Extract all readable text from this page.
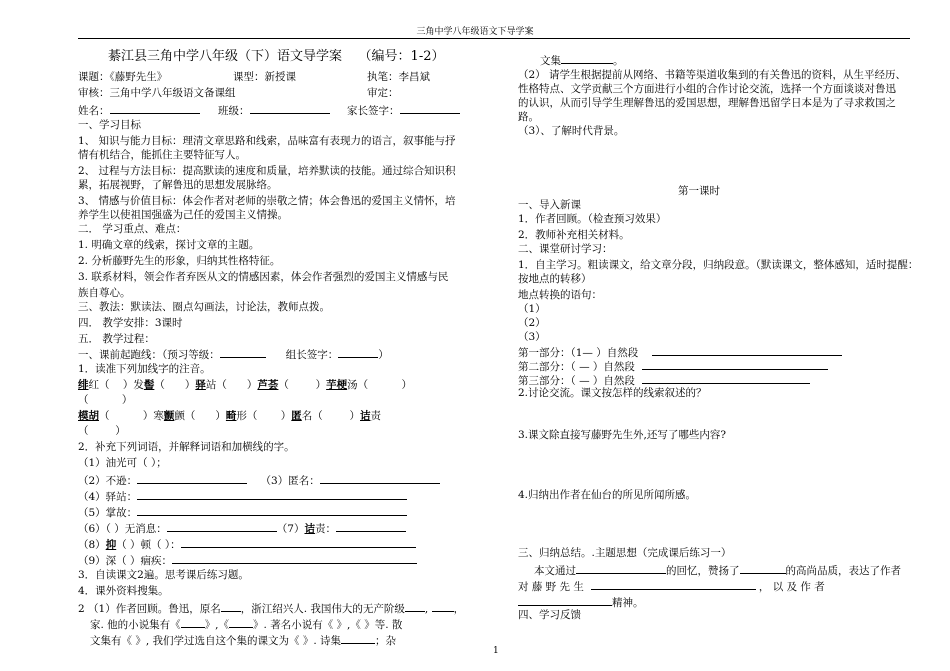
三角中学八年级语文下导学案
綦江县三角中学八年级（下）语文导学案 （编号：1-2）
课题：《藤野先生》	课型：新授课	执笔：李昌斌
审核：三角中学八年级语文备课组	审定：
姓名：	班级：	家长签字：
一、学习目标
1、 知识与能力目标：理清文章思路和线索，品味富有表现力的语言，叙事能与抒
情有机结合，能抓住主要特征写人。
2、 过程与方法目标：提高默读的速度和质量，培养默读的技能。通过综合知识积
累，拓展视野，了解鲁迅的思想发展脉络。
3、 情感与价值目标：体会作者对老师的崇敬之情；体会鲁迅的爱国主义情怀，培
养学生以使祖国强盛为己任的爱国主义情操。
二． 学习重点、难点：
1. 明确文章的线索，探讨文章的主题。
2. 分析藤野先生的形象，归纳其性格特征。
3. 联系材料，领会作者弃医从文的情感因素，体会作者强烈的爱国主义情感与民
族自尊心。
三、教法：默读法、圈点勾画法，讨论法，教师点拨。
四． 教学安排：3课时
五． 教学过程：
一、课前起跑线：（预习等级：	组长签字：	）
1．读准下列加线字的注音。
绯红（ ）发髻（ ）驿站（ ）芦荟（	）芋梗汤（	）
（	）
模胡（	）寒颤颤（ ）畸形（ ）匿名（	）诘责
（	）
2．补充下列词语，并解释词语和加横线的字。
（1）油光可（ ）；
（2）不逊：	（3）匿名：
（4）驿站：
（5）掌故：
（6）（ ）无消息：	（7）诘责：
（8）抑（ ）顿（ ）：
（9）深（ ）痼疾：
3．自读课文2遍。思考课后练习题。
4．课外资料搜集。
2 （1）作者回顾。鲁迅，原名 ，浙江绍兴人. 我国伟大的无产阶级 , ，
家. 他的小说集有《 》,《 》. 著名小说有《 》,《 》等. 散
文集有《 》, 我们学过选自这个集的课文为《 》. 诗集	；杂
文集	。
（2） 请学生根据提前从网络、书籍等渠道收集到的有关鲁迅的资料，从生平经历、
性格特点、文学贡献三个方面进行小组的合作讨论交流，选择一个方面谈谈对鲁迅
的认识，从而引导学生理解鲁迅的爱国思想，理解鲁迅留学日本是为了寻求救国之
路。
（3）、了解时代背景。
第一课时
一、导入新课
1．作者回顾。（检查预习效果）
2．教师补充相关材料。
二、课堂研讨学习：
1．自主学习。粗读课文，给文章分段，归纳段意。（默读课文，整体感知，适时提醒：
按地点的转移）
地点转换的语句：
（1）
（2）
（3）
第一部分：（1— ）自然段
第二部分：（ — ）自然段
第三部分：（ — ）自然段
2.讨论交流。课文按怎样的线索叙述的？
3.课文除直接写藤野先生外,还写了哪些内容?
4.归纳出作者在仙台的所见所闻所感。
三、归纳总结。.主题思想（完成课后练习一）
本文通过	的回忆，赞扬了	的高尚品质，表达了作者
对 藤 野 先 生	， 以 及 作 者
精神。
四、学习反馈
1
